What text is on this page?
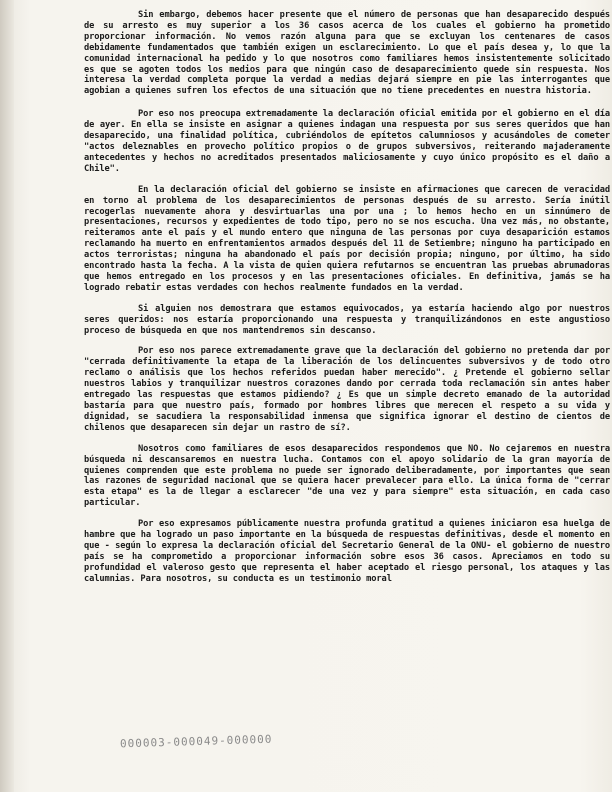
Sin embargo, debemos hacer presente que el número de personas que han desaparecido después de su arresto es muy superior a los 36 casos acerca de los cuales el gobierno ha prometido proporcionar información. No vemos razón alguna para que se excluyan los centenares de casos debidamente fundamentados que también exigen un esclarecimiento. Lo que el país desea y, lo que la comunidad internacional ha pedido y lo que nosotros como familiares hemos insistentemente solicitado es que se agoten todos los medios para que ningún caso de desaparecimiento quede sin respuesta. Nos interesa la verdad completa porque la verdad a medias dejará siempre en pie las interrogantes que agobian a quienes sufren los efectos de una situación que no tiene precedentes en nuestra historia.

Por eso nos preocupa extremadamente la declaración oficial emitida por el gobierno en el día de ayer. En ella se insiste en asignar a quienes indagan una respuesta por sus seres queridos que han desaparecido, una finalidad política, cubriéndolos de epítetos calumniosos y acusándoles de cometer "actos deleznables en provecho político propios o de grupos subversivos, reiterando majaderamente antecedentes y hechos no acreditados presentados maliciosamente y cuyo único propósito es el daño a Chile".

En la declaración oficial del gobierno se insiste en afirmaciones que carecen de veracidad en torno al problema de los desaparecimientos de personas después de su arresto. Sería inútil recogerlas nuevamente ahora y desvirtuarlas una por una ; lo hemos hecho en un sinnúmero de presentaciones, recursos y expedientes de todo tipo, pero no se nos escucha. Una vez más, no obstante, reiteramos ante el país y el mundo entero que ninguna de las personas por cuya desaparición estamos reclamando ha muerto en enfrentamientos armados después del 11 de Setiembre; ninguno ha participado en actos terroristas; ninguna ha abandonado el país por decisión propia; ninguno, por último, ha sido encontrado hasta la fecha. A la vista de quien quiera refutarnos se encuentran las pruebas abrumadoras que hemos entregado en los procesos y en las presentaciones oficiales. En definitiva, jamás se ha logrado rebatir estas verdades con hechos realmente fundados en la verdad.

Si alguien nos demostrara que estamos equivocados, ya estaría haciendo algo por nuestros seres queridos: nos estaría proporcionando una respuesta y tranquilizándonos en este angustioso proceso de búsqueda en que nos mantendremos sin descanso.

Por eso nos parece extremadamente grave que la declaración del gobierno no pretenda dar por "cerrada definitivamente la etapa de la liberación de los delincuentes subversivos y de todo otro reclamo o análisis que los hechos referidos puedan haber merecido". ¿ Pretende el gobierno sellar nuestros labios y tranquilizar nuestros corazones dando por cerrada toda reclamación sin antes haber entregado las respuestas que estamos pidiendo? ¿ Es que un simple decreto emanado de la autoridad bastaría para que nuestro país, formado por hombres libres que merecen el respeto a su vida y dignidad, se sacudiera la responsabilidad inmensa que significa ignorar el destino de cientos de chilenos que desaparecen sin dejar un rastro de sí?.

Nosotros como familiares de esos desaparecidos respondemos que NO. No cejaremos en nuestra búsqueda ni descansaremos en nuestra lucha. Contamos con el apoyo solidario de la gran mayoría de quienes comprenden que este problema no puede ser ignorado deliberadamente, por importantes que sean las razones de seguridad nacional que se quiera hacer prevalecer para ello. La única forma de "cerrar esta etapa" es la de llegar a esclarecer "de una vez y para siempre" esta situación, en cada caso particular.

Por eso expresamos públicamente nuestra profunda gratitud a quienes iniciaron esa huelga de hambre que ha logrado un paso importante en la búsqueda de respuestas definitivas, desde el momento en que - según lo expresa la declaración oficial del Secretario General de la ONU- el gobierno de nuestro país se ha comprometido a proporcionar información sobre esos 36 casos. Apreciamos en todo su profundidad el valeroso gesto que representa el haber aceptado el riesgo personal, los ataques y las calumnias. Para nosotros, su conducta es un testimonio moral

000003-000049-000000
